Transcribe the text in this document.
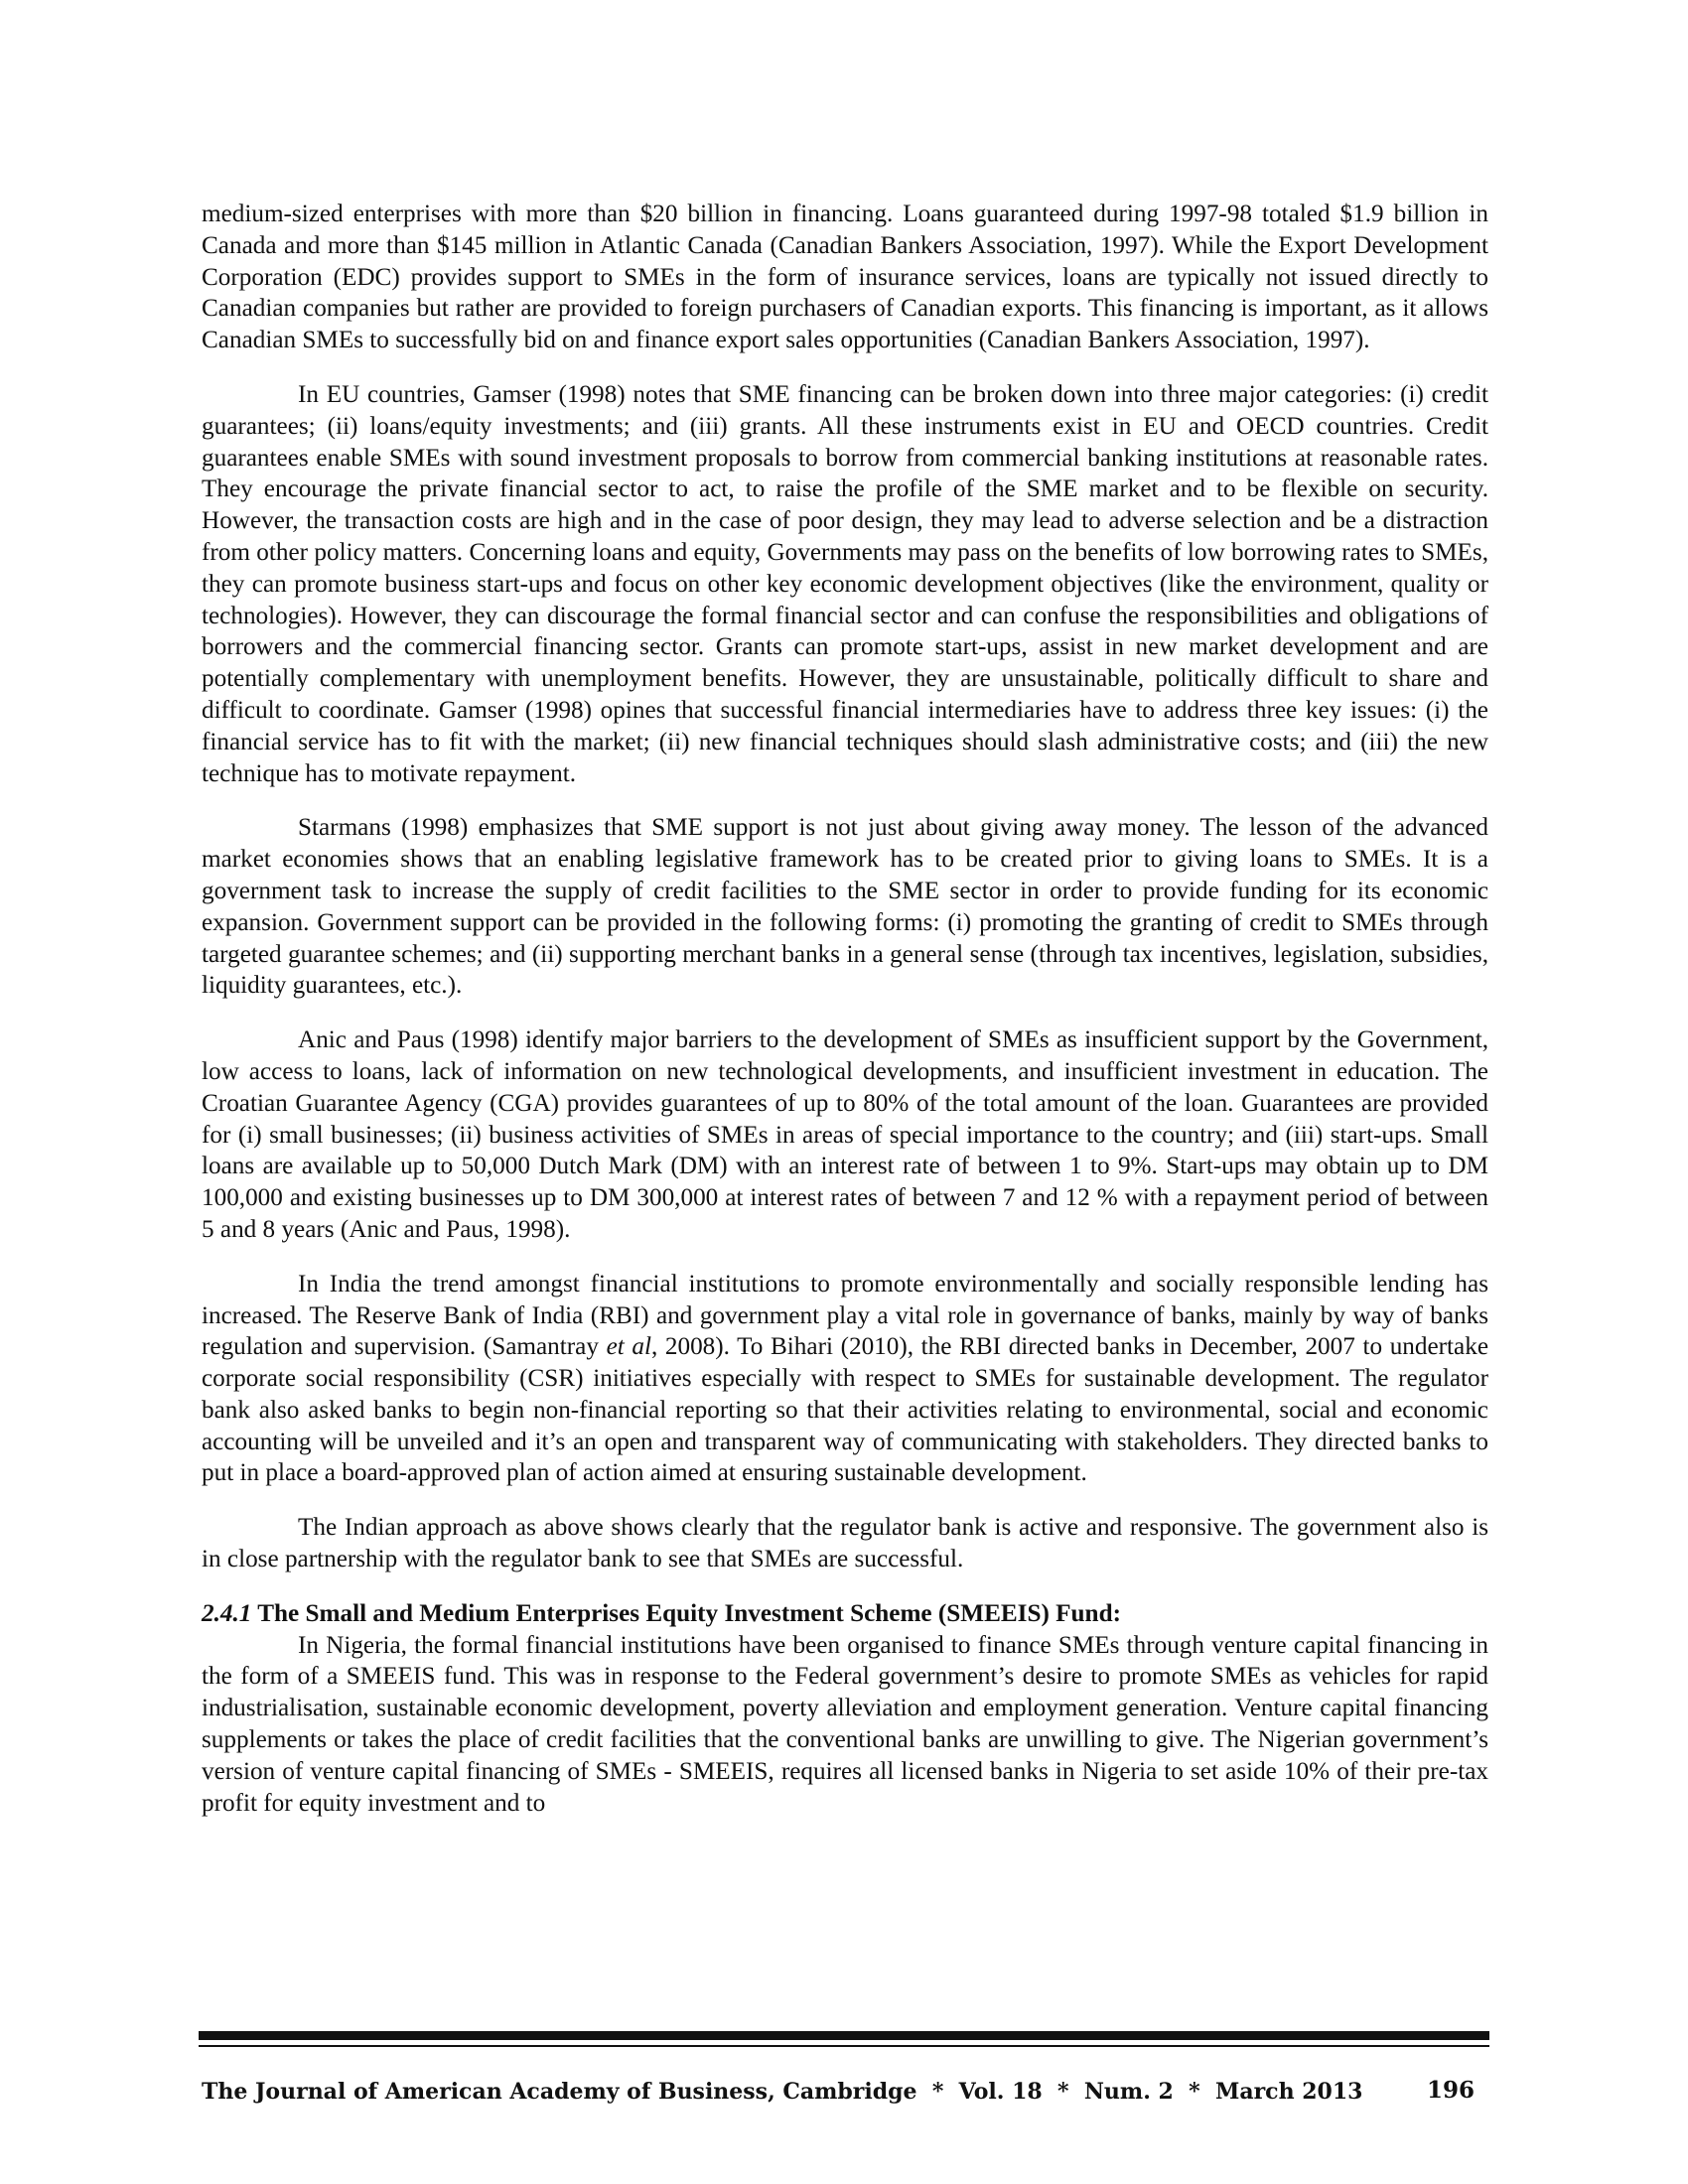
medium-sized enterprises with more than $20 billion in financing. Loans guaranteed during 1997-98 totaled $1.9 billion in Canada and more than $145 million in Atlantic Canada (Canadian Bankers Association, 1997). While the Export Development Corporation (EDC) provides support to SMEs in the form of insurance services, loans are typically not issued directly to Canadian companies but rather are provided to foreign purchasers of Canadian exports. This financing is important, as it allows Canadian SMEs to successfully bid on and finance export sales opportunities (Canadian Bankers Association, 1997).

In EU countries, Gamser (1998) notes that SME financing can be broken down into three major categories: (i) credit guarantees; (ii) loans/equity investments; and (iii) grants. All these instruments exist in EU and OECD countries. Credit guarantees enable SMEs with sound investment proposals to borrow from commercial banking institutions at reasonable rates. They encourage the private financial sector to act, to raise the profile of the SME market and to be flexible on security. However, the transaction costs are high and in the case of poor design, they may lead to adverse selection and be a distraction from other policy matters. Concerning loans and equity, Governments may pass on the benefits of low borrowing rates to SMEs, they can promote business start-ups and focus on other key economic development objectives (like the environment, quality or technologies). However, they can discourage the formal financial sector and can confuse the responsibilities and obligations of borrowers and the commercial financing sector. Grants can promote start-ups, assist in new market development and are potentially complementary with unemployment benefits. However, they are unsustainable, politically difficult to share and difficult to coordinate. Gamser (1998) opines that successful financial intermediaries have to address three key issues: (i) the financial service has to fit with the market; (ii) new financial techniques should slash administrative costs; and (iii) the new technique has to motivate repayment.

Starmans (1998) emphasizes that SME support is not just about giving away money. The lesson of the advanced market economies shows that an enabling legislative framework has to be created prior to giving loans to SMEs. It is a government task to increase the supply of credit facilities to the SME sector in order to provide funding for its economic expansion. Government support can be provided in the following forms: (i) promoting the granting of credit to SMEs through targeted guarantee schemes; and (ii) supporting merchant banks in a general sense (through tax incentives, legislation, subsidies, liquidity guarantees, etc.).

Anic and Paus (1998) identify major barriers to the development of SMEs as insufficient support by the Government, low access to loans, lack of information on new technological developments, and insufficient investment in education. The Croatian Guarantee Agency (CGA) provides guarantees of up to 80% of the total amount of the loan. Guarantees are provided for (i) small businesses; (ii) business activities of SMEs in areas of special importance to the country; and (iii) start-ups. Small loans are available up to 50,000 Dutch Mark (DM) with an interest rate of between 1 to 9%. Start-ups may obtain up to DM 100,000 and existing businesses up to DM 300,000 at interest rates of between 7 and 12 % with a repayment period of between 5 and 8 years (Anic and Paus, 1998).

In India the trend amongst financial institutions to promote environmentally and socially responsible lending has increased. The Reserve Bank of India (RBI) and government play a vital role in governance of banks, mainly by way of banks regulation and supervision. (Samantray et al, 2008). To Bihari (2010), the RBI directed banks in December, 2007 to undertake corporate social responsibility (CSR) initiatives especially with respect to SMEs for sustainable development. The regulator bank also asked banks to begin non-financial reporting so that their activities relating to environmental, social and economic accounting will be unveiled and it’s an open and transparent way of communicating with stakeholders. They directed banks to put in place a board-approved plan of action aimed at ensuring sustainable development.

The Indian approach as above shows clearly that the regulator bank is active and responsive. The government also is in close partnership with the regulator bank to see that SMEs are successful.

2.4.1 The Small and Medium Enterprises Equity Investment Scheme (SMEEIS) Fund:

In Nigeria, the formal financial institutions have been organised to finance SMEs through venture capital financing in the form of a SMEEIS fund. This was in response to the Federal government’s desire to promote SMEs as vehicles for rapid industrialisation, sustainable economic development, poverty alleviation and employment generation. Venture capital financing supplements or takes the place of credit facilities that the conventional banks are unwilling to give. The Nigerian government’s version of venture capital financing of SMEs - SMEEIS, requires all licensed banks in Nigeria to set aside 10% of their pre-tax profit for equity investment and to

The Journal of American Academy of Business, Cambridge  *  Vol. 18  *  Num. 2  *  March 2013	196
